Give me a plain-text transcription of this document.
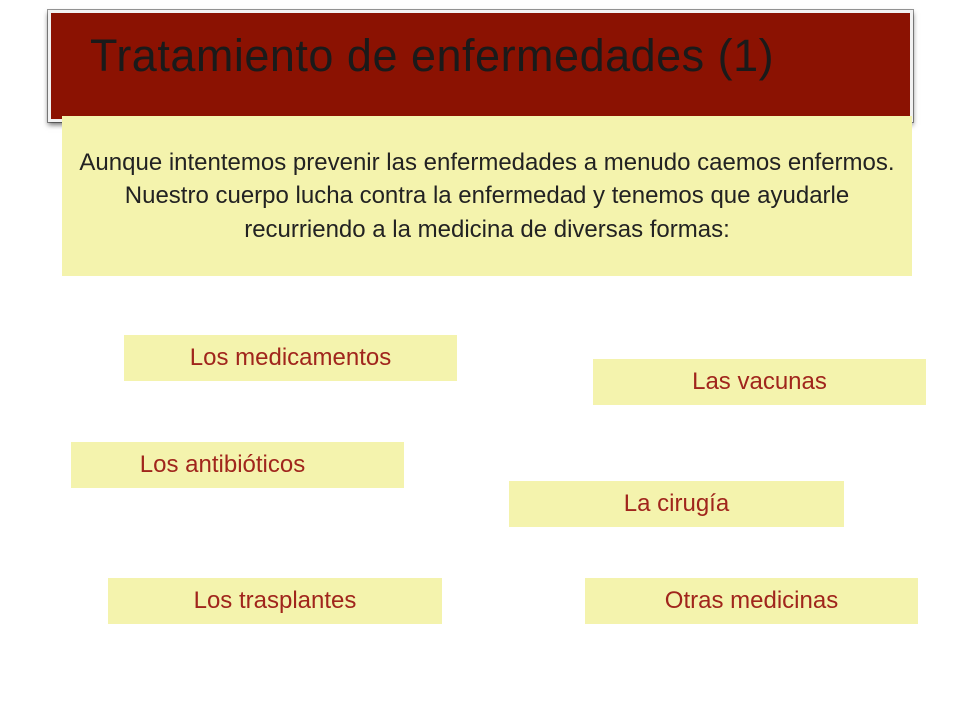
Tratamiento de enfermedades (1)

Aunque intentemos prevenir las enfermedades a menudo caemos enfermos. Nuestro cuerpo lucha contra la enfermedad y tenemos que ayudarle recurriendo a la medicina de diversas formas:

Los medicamentos
Las vacunas
Los antibióticos
La cirugía
Los trasplantes	Otras medicinas
